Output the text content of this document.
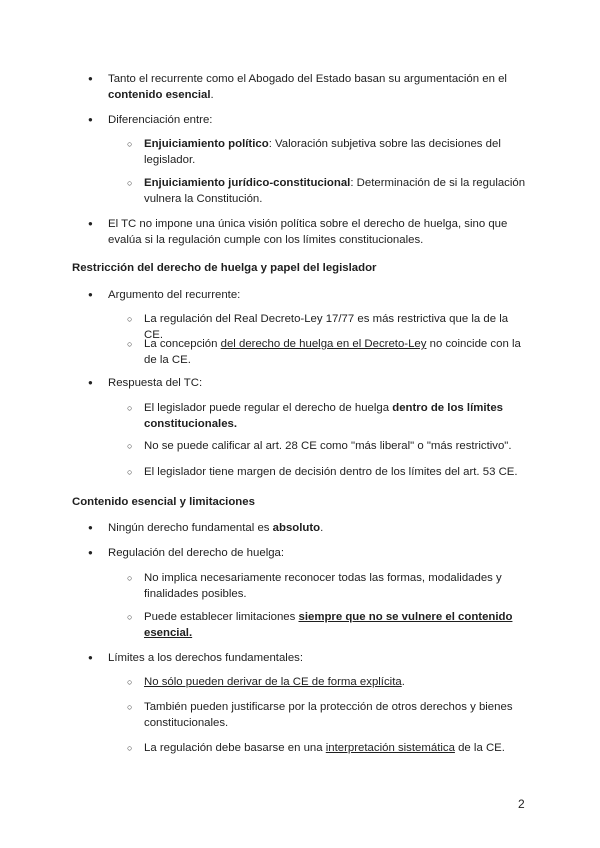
● Tanto el recurrente como el Abogado del Estado basan su argumentación en el contenido esencial.
● Diferenciación entre:
○ Enjuiciamiento político: Valoración subjetiva sobre las decisiones del legislador.
○ Enjuiciamiento jurídico-constitucional: Determinación de si la regulación vulnera la Constitución.
● El TC no impone una única visión política sobre el derecho de huelga, sino que evalúa si la regulación cumple con los límites constitucionales.
Restricción del derecho de huelga y papel del legislador
● Argumento del recurrente:
○ La regulación del Real Decreto-Ley 17/77 es más restrictiva que la de la CE.
○ La concepción del derecho de huelga en el Decreto-Ley no coincide con la de la CE.
● Respuesta del TC:
○ El legislador puede regular el derecho de huelga dentro de los límites constitucionales.
○ No se puede calificar al art. 28 CE como "más liberal" o "más restrictivo".
○ El legislador tiene margen de decisión dentro de los límites del art. 53 CE.
Contenido esencial y limitaciones
● Ningún derecho fundamental es absoluto.
● Regulación del derecho de huelga:
○ No implica necesariamente reconocer todas las formas, modalidades y finalidades posibles.
○ Puede establecer limitaciones siempre que no se vulnere el contenido esencial.
● Límites a los derechos fundamentales:
○ No sólo pueden derivar de la CE de forma explícita.
○ También pueden justificarse por la protección de otros derechos y bienes constitucionales.
○ La regulación debe basarse en una interpretación sistemática de la CE.
2
